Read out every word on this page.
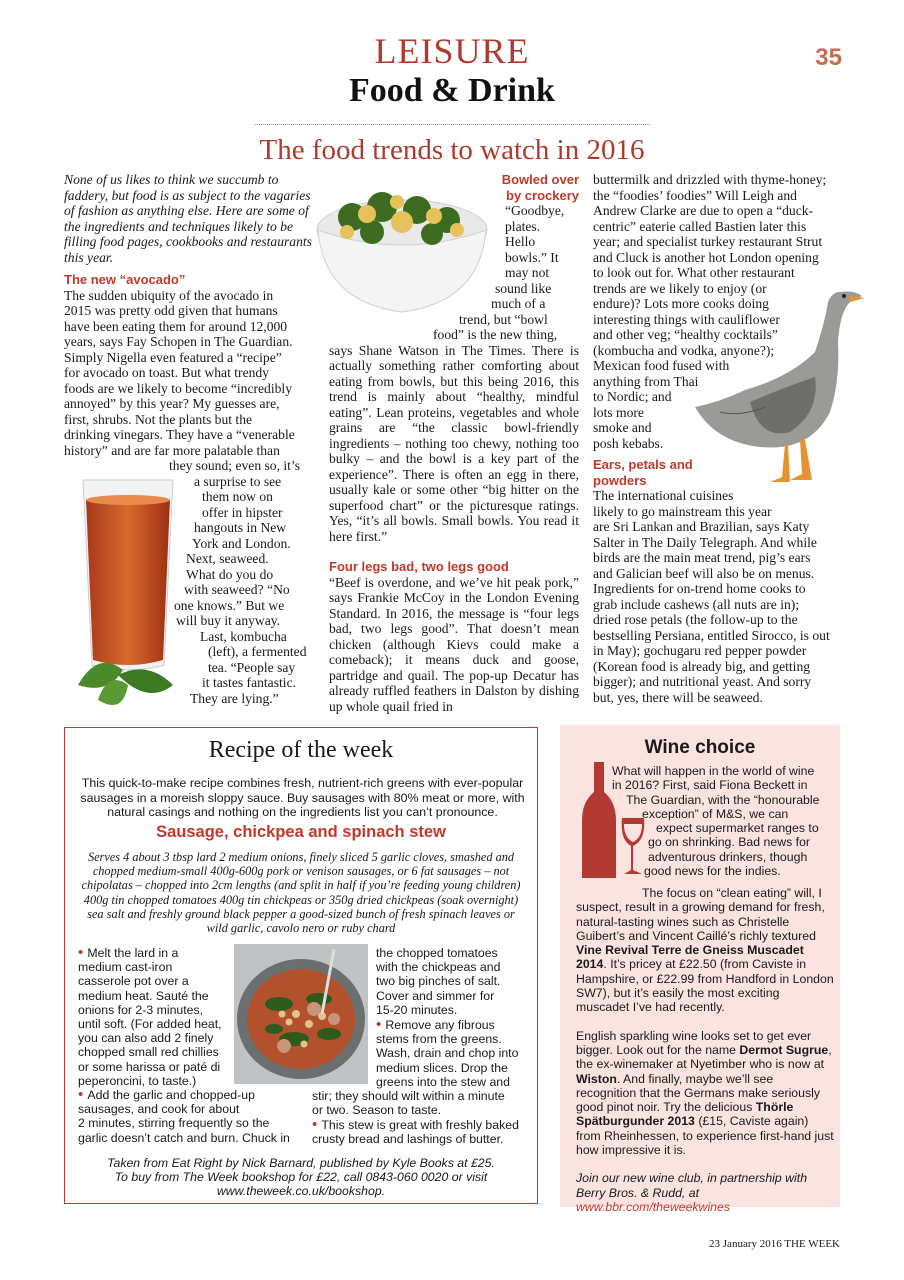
LEISURE
Food & Drink
35
The food trends to watch in 2016

None of us likes to think we succumb to faddery, but food is as subject to the vagaries of fashion as anything else. Here are some of the ingredients and techniques likely to be filling food pages, cookbooks and restaurants this year.

The new “avocado”

The sudden ubiquity of the avocado in
2015 was pretty odd given that humans
have been eating them for around 12,000
years, says Fay Schopen in The Guardian.
Simply Nigella even featured a “recipe”
for avocado on toast. But what trendy
foods are we likely to become “incredibly
annoyed” by this year? My guesses are,
first, shrubs. Not the plants but the
drinking vinegars. They have a “venerable
history” and are far more palatable than
they sound; even so, it’s
a surprise to see
them now on
offer in hipster
hangouts in New
York and London.
Next, seaweed.
What do you do
with seaweed? “No
one knows.” But we
will buy it anyway.
Last, kombucha
(left), a fermented
tea. “People say
it tastes fantastic.
They are lying.”
Bowled over
by crockery
“Goodbye,
plates.
Hello
bowls.” It
may not
sound like
much of a
trend, but “bowl
food” is the new thing,

says Shane Watson in The Times. There is actually something rather comforting about eating from bowls, but this being 2016, this trend is mainly about “healthy, mindful eating”. Lean proteins, vegetables and whole grains are “the classic bowl-friendly ingredients – nothing too chewy, nothing too bulky – and the bowl is a key part of the experience”. There is often an egg in there, usually kale or some other “big hitter on the superfood chart” or the picturesque ratings. Yes, “it’s all bowls. Small bowls. You read it here first.”

Four legs bad, two legs good

“Beef is overdone, and we’ve hit peak pork,” says Frankie McCoy in the London Evening Standard. In 2016, the message is “four legs bad, two legs good”. That doesn’t mean chicken (although Kievs could make a comeback); it means duck and goose, partridge and quail. The pop-up Decatur has already ruffled feathers in Dalston by dishing up whole quail fried in

buttermilk and drizzled with thyme-honey;
the “foodies’ foodies” Will Leigh and
Andrew Clarke are due to open a “duck-
centric” eaterie called Bastien later this
year; and specialist turkey restaurant Strut
and Cluck is another hot London opening
to look out for. What other restaurant
trends are we likely to enjoy (or
endure)? Lots more cooks doing
interesting things with cauliflower
and other veg; “healthy cocktails”
(kombucha and vodka, anyone?);
Mexican food fused with
anything from Thai
to Nordic; and
lots more
smoke and
posh kebabs.
Ears, petals and
powders
The international cuisines
likely to go mainstream this year
are Sri Lankan and Brazilian, says Katy
Salter in The Daily Telegraph. And while
birds are the main meat trend, pig’s ears
and Galician beef will also be on menus.
Ingredients for on-trend home cooks to
grab include cashews (all nuts are in);
dried rose petals (the follow-up to the
bestselling Persiana, entitled Sirocco, is out
in May); gochugaru red pepper powder
(Korean food is already big, and getting
bigger); and nutritional yeast. And sorry
but, yes, there will be seaweed.
Recipe of the week
This quick-to-make recipe combines fresh, nutrient-rich greens with ever-popular sausages in a moreish sloppy sauce. Buy sausages with 80% meat or more, with natural casings and nothing on the ingredients list you can’t pronounce.
Sausage, chickpea and spinach stew
Serves 4 about 3 tbsp lard 2 medium onions, finely sliced 5 garlic cloves, smashed and chopped medium-small 400g-600g pork or venison sausages, or 6 fat sausages – not chipolatas – chopped into 2cm lengths (and split in half if you’re feeding young children) 400g tin chopped tomatoes 400g tin chickpeas or 350g dried chickpeas (soak overnight) sea salt and freshly ground black pepper a good-sized bunch of fresh spinach leaves or wild garlic, cavolo nero or ruby chard
• Melt the lard in a
medium cast-iron
casserole pot over a
medium heat. Sauté the
onions for 2-3 minutes,
until soft. (For added heat,
you can also add 2 finely
chopped small red chillies
or some harissa or paté di
peperoncini, to taste.)
• Add the garlic and chopped-up
sausages, and cook for about
2 minutes, stirring frequently so the
garlic doesn’t catch and burn. Chuck in
the chopped tomatoes
with the chickpeas and
two big pinches of salt.
Cover and simmer for
15-20 minutes.
• Remove any fibrous
stems from the greens.
Wash, drain and chop into
medium slices. Drop the
greens into the stew and
stir; they should wilt within a minute
or two. Season to taste.
• This stew is great with freshly baked
crusty bread and lashings of butter.
Taken from Eat Right by Nick Barnard, published by Kyle Books at £25.
To buy from The Week bookshop for £22, call 0843-060 0020 or visit
www.theweek.co.uk/bookshop.
Wine choice
What will happen in the world of wine
in 2016? First, said Fiona Beckett in
The Guardian, with the “honourable
exception” of M&S, we can
expect supermarket ranges to
go on shrinking. Bad news for
adventurous drinkers, though
good news for the indies.

The focus on “clean eating” will, I suspect, result in a growing demand for fresh, natural-tasting wines such as Christelle Guibert’s and Vincent Caillé’s richly textured Vine Revival Terre de Gneiss Muscadet 2014. It’s pricey at £22.50 (from Caviste in Hampshire, or £22.99 from Handford in London SW7), but it’s easily the most exciting muscadet I’ve had recently.

English sparkling wine looks set to get ever bigger. Look out for the name Dermot Sugrue, the ex-winemaker at Nyetimber who is now at Wiston. And finally, maybe we’ll see recognition that the Germans make seriously good pinot noir. Try the delicious Thörle Spätburgunder 2013 (£15, Caviste again) from Rheinhessen, to experience first-hand just how impressive it is.

Join our new wine club, in partnership with Berry Bros. & Rudd, at www.bbr.com/theweekwines

23 January 2016 THE WEEK
